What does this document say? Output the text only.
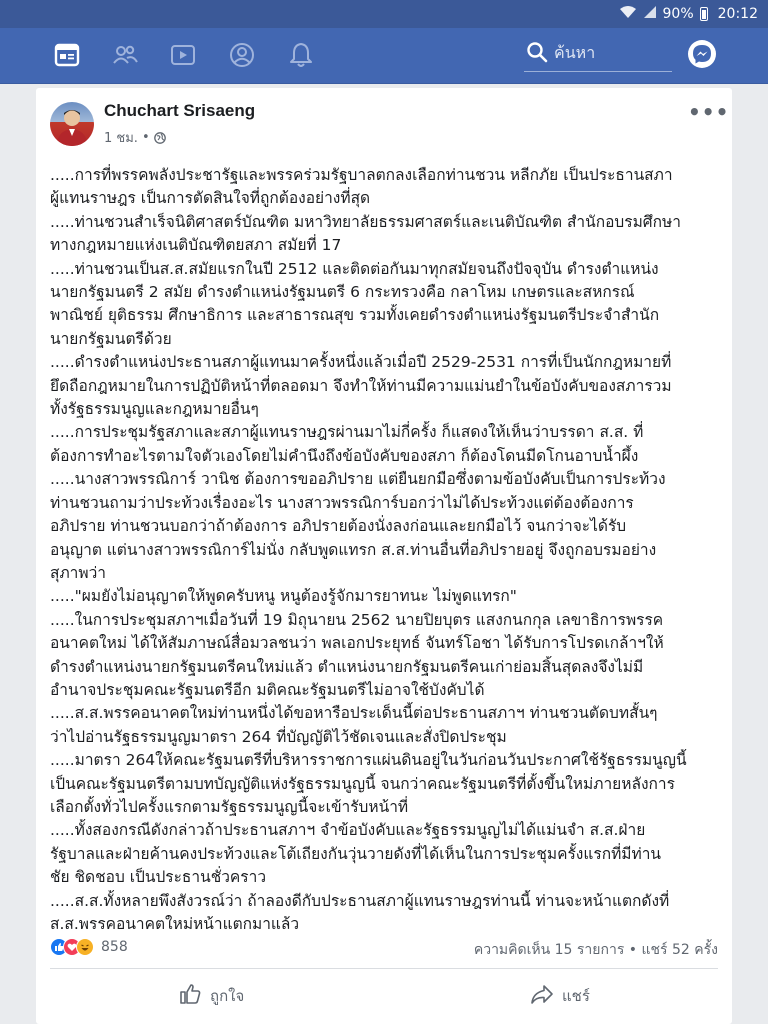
90% 20:12
ค้นหา
Chuchart Srisaeng
1 ชม. •
•••

.....การที่พรรคพลังประชารัฐและพรรคร่วมรัฐบาลตกลงเลือกท่านชวน หลีกภัย เป็นประธานสภา

ผู้แทนราษฎร เป็นการตัดสินใจที่ถูกต้องอย่างที่สุด

.....ท่านชวนสำเร็จนิติศาสตร์บัณฑิต มหาวิทยาลัยธรรมศาสตร์และเนติบัณฑิต สำนักอบรมศึกษา

ทางกฎหมายแห่งเนติบัณฑิตยสภา สมัยที่ 17

.....ท่านชวนเป็นส.ส.สมัยแรกในปี 2512 และติดต่อกันมาทุกสมัยจนถึงปัจจุบัน ดำรงตำแหน่ง

นายกรัฐมนตรี 2 สมัย ดำรงตำแหน่งรัฐมนตรี 6 กระทรวงคือ กลาโหม เกษตรและสหกรณ์

พาณิชย์ ยุติธรรม ศึกษาธิการ และสาธารณสุข รวมทั้งเคยดำรงตำแหน่งรัฐมนตรีประจำสำนัก

นายกรัฐมนตรีด้วย

.....ดำรงตำแหน่งประธานสภาผู้แทนมาครั้งหนึ่งแล้วเมื่อปี 2529-2531 การที่เป็นนักกฎหมายที่

ยึดถือกฎหมายในการปฏิบัติหน้าที่ตลอดมา จึงทำให้ท่านมีความแม่นยำในข้อบังคับของสภารวม

ทั้งรัฐธรรมนูญและกฎหมายอื่นๆ

.....การประชุมรัฐสภาและสภาผู้แทนราษฎรผ่านมาไม่กี่ครั้ง ก็แสดงให้เห็นว่าบรรดา ส.ส. ที่

ต้องการทำอะไรตามใจตัวเองโดยไม่คำนึงถึงข้อบังคับของสภา ก็ต้องโดนมีดโกนอาบน้ำผึ้ง

.....นางสาวพรรณิการ์ วานิช ต้องการขออภิปราย แต่ยืนยกมือซึ่งตามข้อบังคับเป็นการประท้วง

ท่านชวนถามว่าประท้วงเรื่องอะไร นางสาวพรรณิการ์บอกว่าไม่ได้ประท้วงแต่ต้องต้องการ

อภิปราย ท่านชวนบอกว่าถ้าต้องการ อภิปรายต้องนั่งลงก่อนและยกมือไว้ จนกว่าจะได้รับ

อนุญาต แต่นางสาวพรรณิการ์ไม่นั่ง กลับพูดแทรก ส.ส.ท่านอื่นที่อภิปรายอยู่ จึงถูกอบรมอย่าง

สุภาพว่า

....."ผมยังไม่อนุญาตให้พูดครับหนู หนูต้องรู้จักมารยาทนะ ไม่พูดแทรก"

.....ในการประชุมสภาฯเมื่อวันที่ 19 มิถุนายน 2562 นายปิยบุตร แสงกนกกุล เลขาธิการพรรค

อนาคตใหม่ ได้ให้สัมภาษณ์สื่อมวลชนว่า พลเอกประยุทธ์ จันทร์โอชา ได้รับการโปรดเกล้าฯให้

ดำรงตำแหน่งนายกรัฐมนตรีคนใหม่แล้ว ตำแหน่งนายกรัฐมนตรีคนเก่าย่อมสิ้นสุดลงจึงไม่มี

อำนาจประชุมคณะรัฐมนตรีอีก มติคณะรัฐมนตรีไม่อาจใช้บังคับได้

.....ส.ส.พรรคอนาคตใหม่ท่านหนึ่งได้ขอหารือประเด็นนี้ต่อประธานสภาฯ ท่านชวนตัดบทสั้นๆ

ว่าไปอ่านรัฐธรรมนูญมาตรา 264 ที่บัญญัติไว้ชัดเจนและสั่งปิดประชุม

.....มาตรา 264ให้คณะรัฐมนตรีที่บริหารราชการแผ่นดินอยู่ในวันก่อนวันประกาศใช้รัฐธรรมนูญนี้

เป็นคณะรัฐมนตรีตามบทบัญญัติแห่งรัฐธรรมนูญนี้ จนกว่าคณะรัฐมนตรีที่ตั้งขึ้นใหม่ภายหลังการ

เลือกตั้งทั่วไปครั้งแรกตามรัฐธรรมนูญนี้จะเข้ารับหน้าที่

.....ทั้งสองกรณีดังกล่าวถ้าประธานสภาฯ จำข้อบังคับและรัฐธรรมนูญไม่ได้แม่นจำ ส.ส.ฝ่าย

รัฐบาลและฝ่ายค้านคงประท้วงและโต้เถียงกันวุ่นวายดังที่ได้เห็นในการประชุมครั้งแรกที่มีท่าน

ชัย ชิดชอบ เป็นประธานชั่วคราว

.....ส.ส.ทั้งหลายพึงสังวรณ์ว่า ถ้าลองดีกับประธานสภาผู้แทนราษฎรท่านนี้ ท่านจะหน้าแตกดังที่

ส.ส.พรรคอนาคตใหม่หน้าแตกมาแล้ว

858	ความคิดเห็น 15 รายการ • แชร์ 52 ครั้ง
ถูกใจ	แชร์
